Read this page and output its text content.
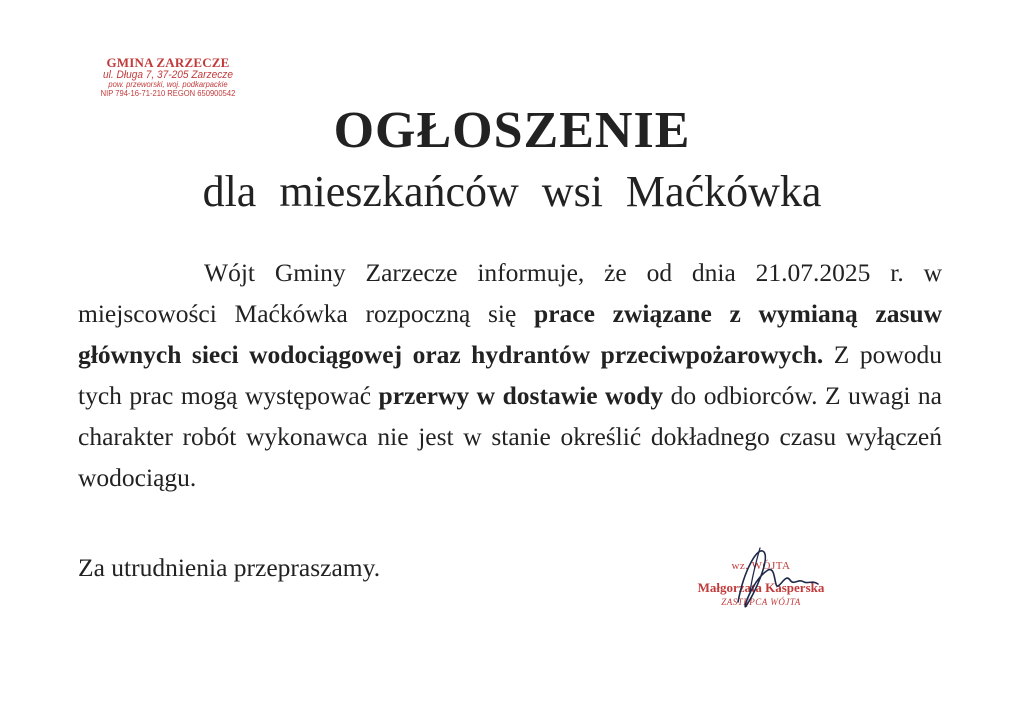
GMINA ZARZECZE
ul. Długa 7, 37-205 Zarzecze
pow. przeworski, woj. podkarpackie
NIP 794-16-71-210 REGON 650900542
OGŁOSZENIE
dla mieszkańców wsi Maćkówka
Wójt Gminy Zarzecze informuje, że od dnia 21.07.2025 r. w miejscowości Maćkówka rozpoczną się prace związane z wymianą zasuw głównych sieci wodociągowej oraz hydrantów przeciwpożarowych. Z powodu tych prac mogą występować przerwy w dostawie wody do odbiorców. Z uwagi na charakter robót wykonawca nie jest w stanie określić dokładnego czasu wyłączeń wodociągu.
Za utrudnienia przepraszamy.	wz. WÓJTA
Małgorzata Kasperska
ZASTĘPCA WÓJTA
